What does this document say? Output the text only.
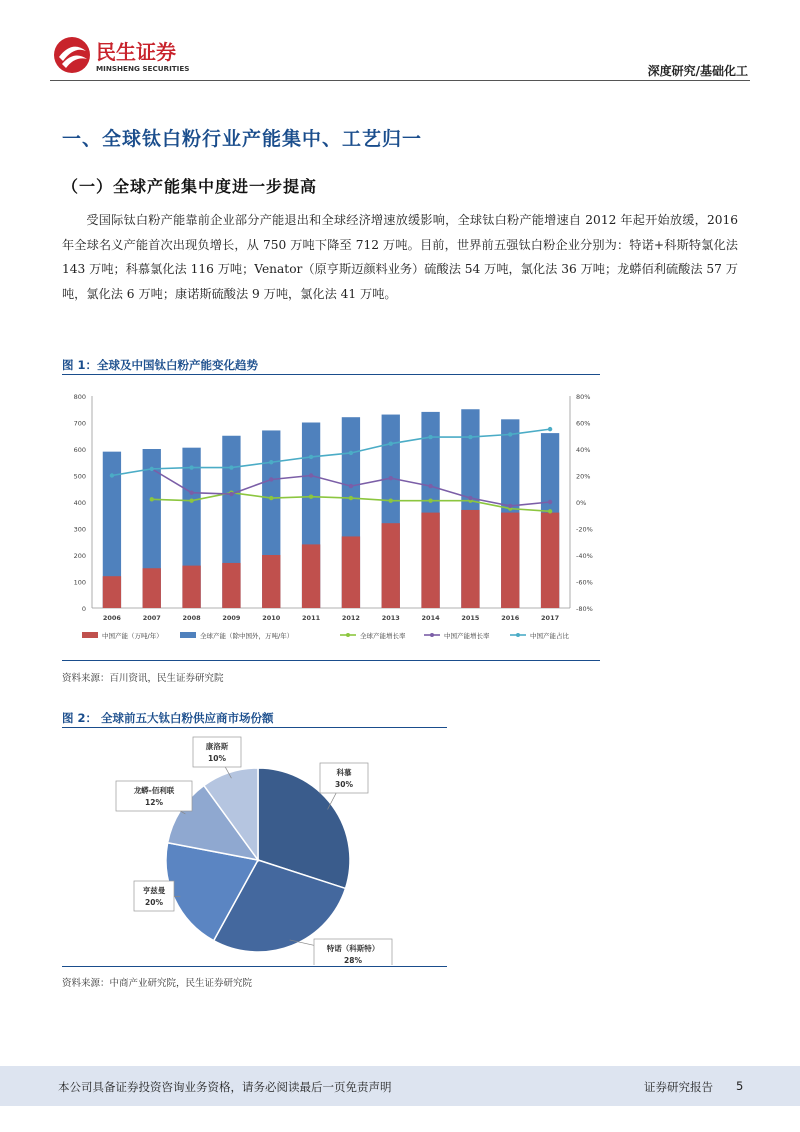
民生证券
MINSHENG SECURITIES	深度研究/基础化工
一、全球钛白粉行业产能集中、工艺归一
（一）全球产能集中度进一步提高

受国际钛白粉产能靠前企业部分产能退出和全球经济增速放缓影响，全球钛白粉产能增速自 2012 年起开始放缓，2016 年全球名义产能首次出现负增长，从 750 万吨下降至 712 万吨。目前，世界前五强钛白粉企业分别为：特诺+科斯特氯化法 143 万吨；科慕氯化法 116 万吨；Venator（原亨斯迈颜料业务）硫酸法 54 万吨，氯化法 36 万吨；龙蟒佰利硫酸法 57 万吨，氯化法 6 万吨；康诺斯硫酸法 9 万吨，氯化法 41 万吨。

图 1：全球及中国钛白粉产能变化趋势
0
100
200
300
400
500
600
700
800
-80%
-60%
-40%
-20%
0%
20%
40%
60%
80%
2006	2007	2008	2009	2010	2011	2012	2013	2014	2015	2016	2017
中国产能（万吨/年）	全球产能（除中国外，万吨/年）	全球产能增长率	中国产能增长率	中国产能占比
资料来源：百川资讯，民生证券研究院
图 2： 全球前五大钛白粉供应商市场份额
科慕
30%
特诺（科斯特）
28%
亨兹曼
20%
龙蟒-佰利联
12%
康洛斯
10%
资料来源：中商产业研究院，民生证券研究院
本公司具备证券投资咨询业务资格，请务必阅读最后一页免责声明	证券研究报告 5
